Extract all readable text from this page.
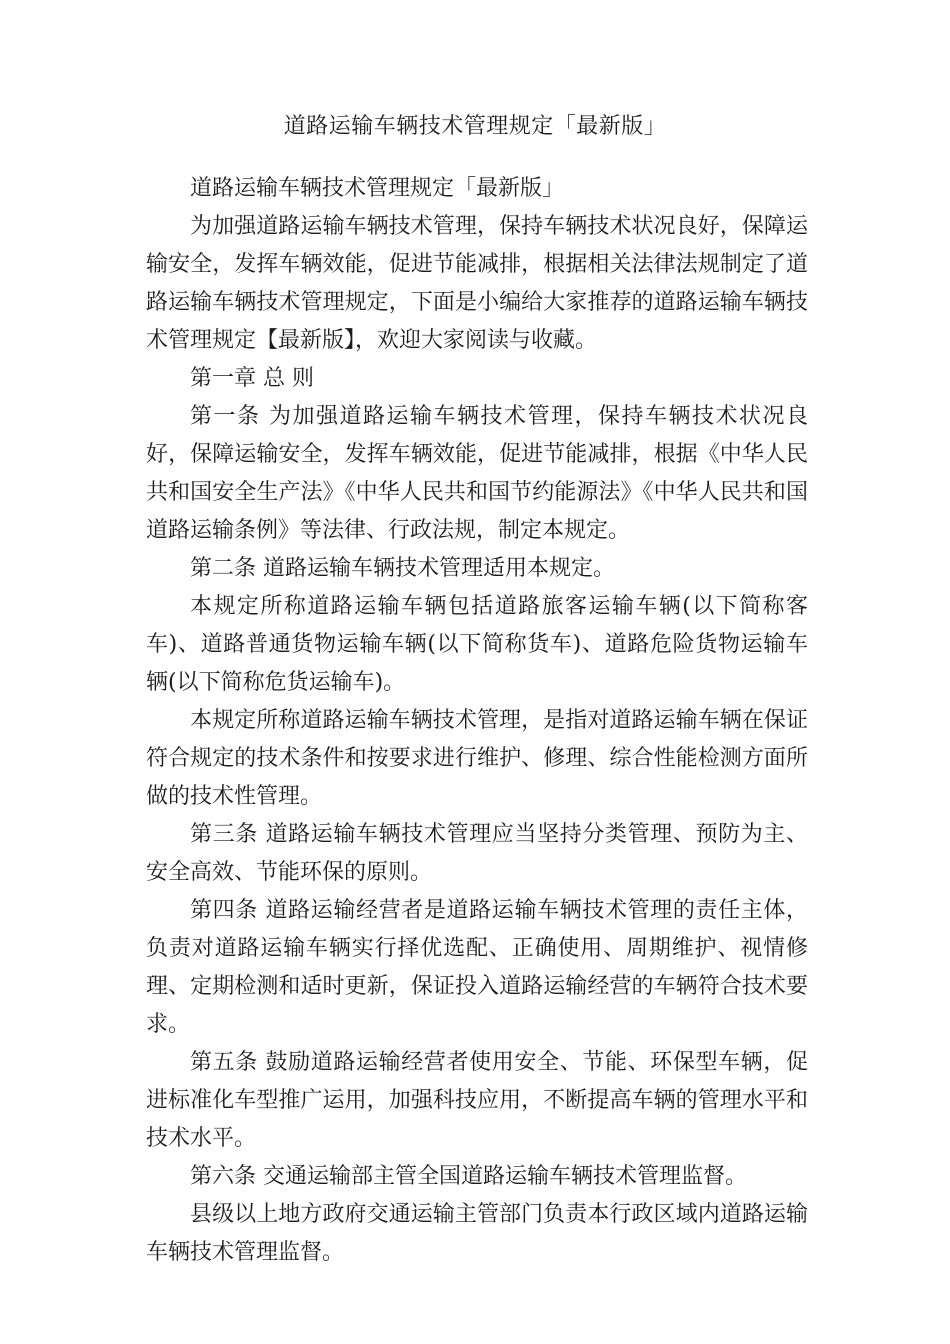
道路运输车辆技术管理规定「最新版」

道路运输车辆技术管理规定「最新版」

为加强道路运输车辆技术管理，保持车辆技术状况良好，保障运输安全，发挥车辆效能，促进节能减排，根据相关法律法规制定了道路运输车辆技术管理规定，下面是小编给大家推荐的道路运输车辆技术管理规定【最新版】，欢迎大家阅读与收藏。

第一章 总 则

第一条 为加强道路运输车辆技术管理，保持车辆技术状况良好，保障运输安全，发挥车辆效能，促进节能减排，根据《中华人民共和国安全生产法》《中华人民共和国节约能源法》《中华人民共和国道路运输条例》等法律、行政法规，制定本规定。

第二条 道路运输车辆技术管理适用本规定。

本规定所称道路运输车辆包括道路旅客运输车辆(以下简称客车)、道路普通货物运输车辆(以下简称货车)、道路危险货物运输车辆(以下简称危货运输车)。

本规定所称道路运输车辆技术管理，是指对道路运输车辆在保证符合规定的技术条件和按要求进行维护、修理、综合性能检测方面所做的技术性管理。

第三条 道路运输车辆技术管理应当坚持分类管理、预防为主、安全高效、节能环保的原则。

第四条 道路运输经营者是道路运输车辆技术管理的责任主体，负责对道路运输车辆实行择优选配、正确使用、周期维护、视情修理、定期检测和适时更新，保证投入道路运输经营的车辆符合技术要求。

第五条 鼓励道路运输经营者使用安全、节能、环保型车辆，促进标准化车型推广运用，加强科技应用，不断提高车辆的管理水平和技术水平。

第六条 交通运输部主管全国道路运输车辆技术管理监督。

县级以上地方政府交通运输主管部门负责本行政区域内道路运输车辆技术管理监督。
